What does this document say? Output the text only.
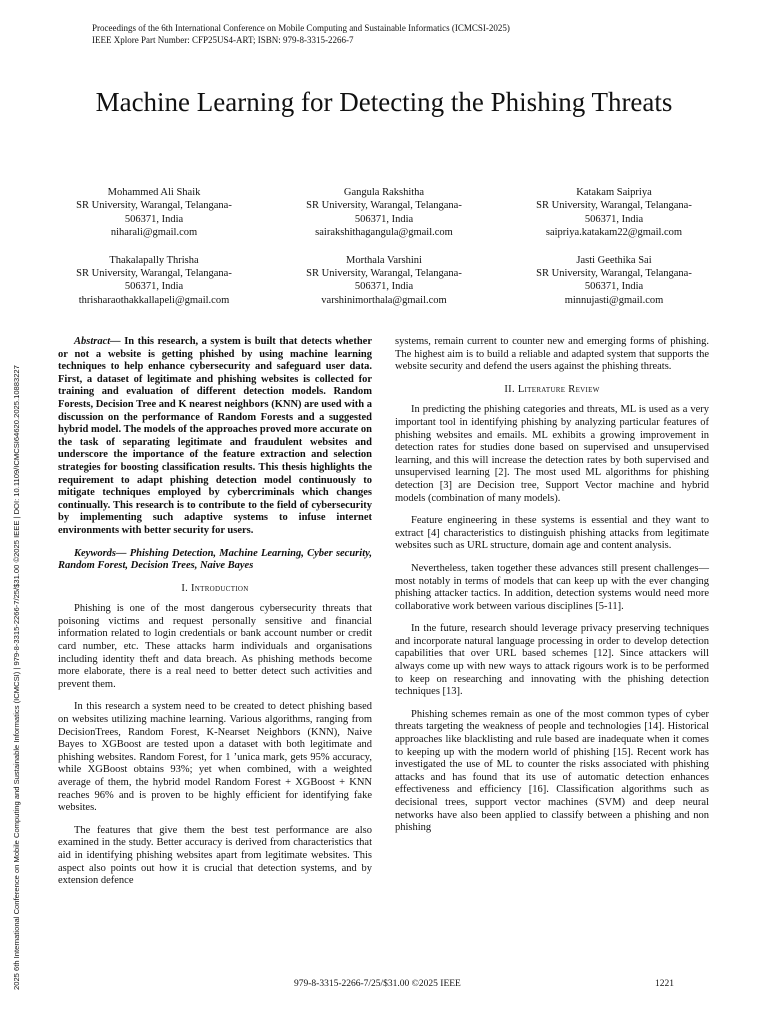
Proceedings of the 6th International Conference on Mobile Computing and Sustainable Informatics (ICMCSI-2025)
IEEE Xplore Part Number: CFP25US4-ART; ISBN: 979-8-3315-2266-7
Machine Learning for Detecting the Phishing Threats
Mohammed Ali Shaik
SR University, Warangal, Telangana-
506371, India
niharali@gmail.com
Gangula Rakshitha
SR University, Warangal, Telangana-
506371, India
sairakshithagangula@gmail.com
Katakam Saipriya
SR University, Warangal, Telangana-
506371, India
saipriya.katakam22@gmail.com
Thakalapally Thrisha
SR University, Warangal, Telangana-
506371, India
thrisharaothakkallapeli@gmail.com
Morthala Varshini
SR University, Warangal, Telangana-
506371, India
varshinimorthala@gmail.com
Jasti Geethika Sai
SR University, Warangal, Telangana-
506371, India
minnujasti@gmail.com

Abstract— In this research, a system is built that detects whether or not a website is getting phished by using machine learning techniques to help enhance cybersecurity and safeguard user data. First, a dataset of legitimate and phishing websites is collected for training and evaluation of different detection models. Random Forests, Decision Tree and K nearest neighbors (KNN) are used with a discussion on the performance of Random Forests and a suggested hybrid model. The models of the approaches proved more accurate on the task of separating legitimate and fraudulent websites and underscore the importance of the feature extraction and selection strategies for boosting classification results. This thesis highlights the requirement to adapt phishing detection model continuously to mitigate techniques employed by cybercriminals which changes continually. This research is to contribute to the field of cybersecurity by implementing such adaptive systems to infuse internet environments with better security for users.

Keywords— Phishing Detection, Machine Learning, Cyber security, Random Forest, Decision Trees, Naive Bayes

I. Introduction

Phishing is one of the most dangerous cybersecurity threats that poisoning victims and request personally sensitive and financial information related to login credentials or bank account number or credit card number, etc. These attacks harm individuals and organisations including identity theft and data breach. As phishing methods become more elaborate, there is a real need to better detect such activities and prevent them.

In this research a system need to be created to detect phishing based on websites utilizing machine learning. Various algorithms, ranging from DecisionTrees, Random Forest, K-Nearset Neighbors (KNN), Naive Bayes to XGBoost are tested upon a dataset with both legitimate and phishing websites. Random Forest, for 1 ’unica mark, gets 95% accuracy, while XGBoost obtains 93%; yet when combined, with a weighted average of them, the hybrid model Random Forest + XGBoost + KNN reaches 96% and is proven to be highly efficient for identifying fake websites.

The features that give them the best test performance are also examined in the study. Better accuracy is derived from characteristics that aid in identifying phishing websites apart from legitimate websites. This aspect also points out how it is crucial that detection systems, and by extension defence

systems, remain current to counter new and emerging forms of phishing. The highest aim is to build a reliable and adapted system that supports the website security and defend the users against the phishing threats.

II. Literature Review

In predicting the phishing categories and threats, ML is used as a very important tool in identifying phishing by analyzing particular features of phishing websites and emails. ML exhibits a growing improvement in detection rates for studies done based on supervised and unsupervised learning, and this will increase the detection rates by both supervised and unsupervised learning [2]. The most used ML algorithms for phishing detection [3] are Decision tree, Support Vector machine and hybrid models (combination of many models).

Feature engineering in these systems is essential and they want to extract [4] characteristics to distinguish phishing attacks from legitimate websites such as URL structure, domain age and content analysis.

Nevertheless, taken together these advances still present challenges—most notably in terms of models that can keep up with the ever changing phishing attacker tactics. In addition, detection systems would need more collaborative work between various disciplines [5-11].

In the future, research should leverage privacy preserving techniques and incorporate natural language processing in order to develop detection capabilities that over URL based schemes [12]. Since attackers will always come up with new ways to attack rigours work is to be performed to keep on researching and innovating with the phishing detection techniques [13].

Phishing schemes remain as one of the most common types of cyber threats targeting the weakness of people and technologies [14]. Historical approaches like blacklisting and rule based are inadequate when it comes to keeping up with the modern world of phishing [15]. Recent work has investigated the use of ML to counter the risks associated with phishing attacks and has found that its use of automatic detection enhances effectiveness and efficiency [16]. Classification algorithms such as decisional trees, support vector machines (SVM) and deep neural networks have also been applied to classify between a phishing and non phishing

2025 6th International Conference on Mobile Computing and Sustainable Informatics (ICMCSI) | 979-8-3315-2266-7/25/$31.00 ©2025 IEEE | DOI: 10.1109/ICMCSI64620.2025.10883227	979-8-3315-2266-7/25/$31.00 ©2025 IEEE	1221
